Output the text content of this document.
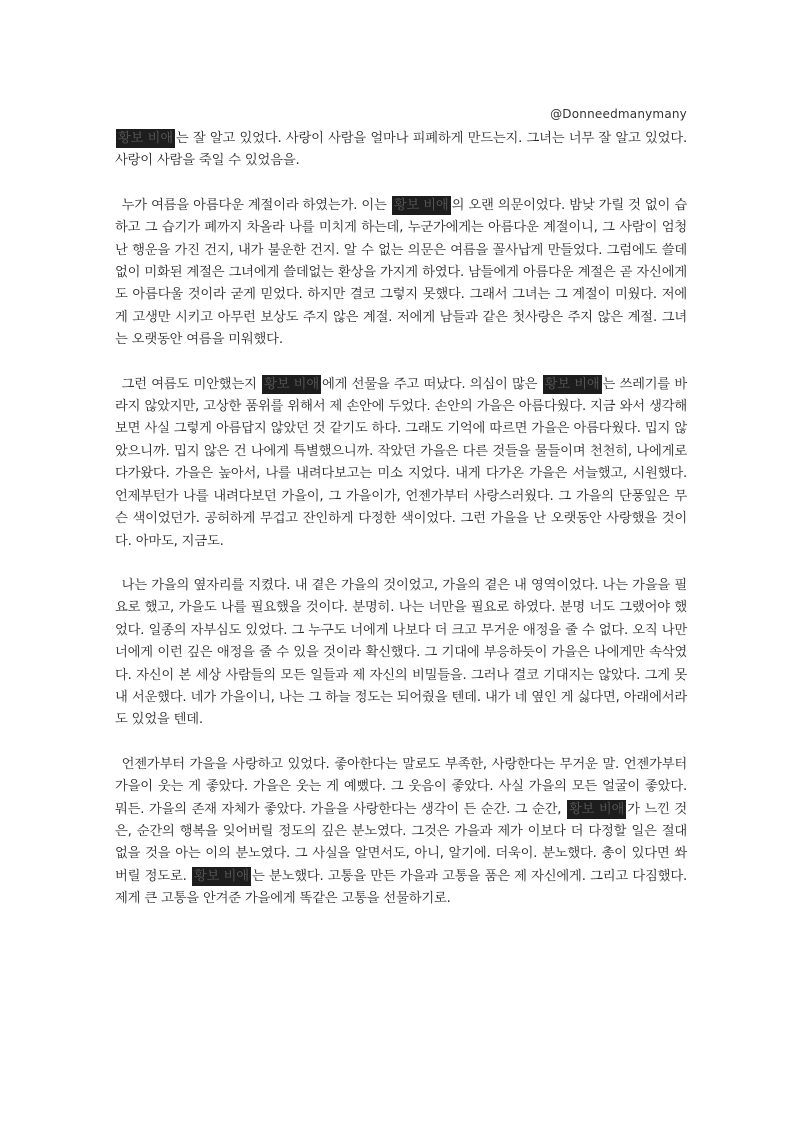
@Donneedmanymany

황보 비애 는 잘 알고 있었다. 사랑이 사람을 얼마나 피폐하게 만드는지. 그녀는 너무 잘 알고 있었다. 사랑이 사람을 죽일 수 있었음을.

누가 여름을 아름다운 계절이라 하였는가. 이는 황보 비애 의 오랜 의문이었다. 밤낮 가릴 것 없이 습하고 그 습기가 폐까지 차올라 나를 미치게 하는데, 누군가에게는 아름다운 계절이니, 그 사람이 엄청난 행운을 가진 건지, 내가 불운한 건지. 알 수 없는 의문은 여름을 꼴사납게 만들었다. 그럼에도 쓸데없이 미화된 계절은 그녀에게 쓸데없는 환상을 가지게 하였다. 남들에게 아름다운 계절은 곧 자신에게도 아름다울 것이라 굳게 믿었다. 하지만 결코 그렇지 못했다. 그래서 그녀는 그 계절이 미웠다. 저에게 고생만 시키고 아무런 보상도 주지 않은 계절. 저에게 남들과 같은 첫사랑은 주지 않은 계절. 그녀는 오랫동안 여름을 미워했다.

그런 여름도 미안했는지 황보 비애 에게 선물을 주고 떠났다. 의심이 많은 황보 비애 는 쓰레기를 바라지 않았지만, 고상한 품위를 위해서 제 손안에 두었다. 손안의 가을은 아름다웠다. 지금 와서 생각해 보면 사실 그렇게 아름답지 않았던 것 같기도 하다. 그래도 기억에 따르면 가을은 아름다웠다. 밉지 않았으니까. 밉지 않은 건 나에게 특별했으니까. 작았던 가을은 다른 것들을 물들이며 천천히, 나에게로 다가왔다. 가을은 높아서, 나를 내려다보고는 미소 지었다. 내게 다가온 가을은 서늘했고, 시원했다. 언제부턴가 나를 내려다보던 가을이, 그 가을이가, 언젠가부터 사랑스러웠다. 그 가을의 단풍잎은 무슨 색이었던가. 공허하게 무겁고 잔인하게 다정한 색이었다. 그런 가을을 난 오랫동안 사랑했을 것이다. 아마도, 지금도.

나는 가을의 옆자리를 지켰다. 내 곁은 가을의 것이었고, 가을의 곁은 내 영역이었다. 나는 가을을 필요로 했고, 가을도 나를 필요했을 것이다. 분명히. 나는 너만을 필요로 하였다. 분명 너도 그랬어야 했었다. 일종의 자부심도 있었다. 그 누구도 너에게 나보다 더 크고 무거운 애정을 줄 수 없다. 오직 나만 너에게 이런 깊은 애정을 줄 수 있을 것이라 확신했다. 그 기대에 부응하듯이 가을은 나에게만 속삭였다. 자신이 본 세상 사람들의 모든 일들과 제 자신의 비밀들을. 그러나 결코 기대지는 않았다. 그게 못내 서운했다. 네가 가을이니, 나는 그 하늘 정도는 되어줬을 텐데. 내가 네 옆인 게 싫다면, 아래에서라도 있었을 텐데.

언젠가부터 가을을 사랑하고 있었다. 좋아한다는 말로도 부족한, 사랑한다는 무거운 말. 언젠가부터 가을이 웃는 게 좋았다. 가을은 웃는 게 예뻤다. 그 웃음이 좋았다. 사실 가을의 모든 얼굴이 좋았다. 뭐든. 가을의 존재 자체가 좋았다. 가을을 사랑한다는 생각이 든 순간. 그 순간, 황보 비애 가 느낀 것은, 순간의 행복을 잊어버릴 정도의 깊은 분노였다. 그것은 가을과 제가 이보다 더 다정할 일은 절대 없을 것을 아는 이의 분노였다. 그 사실을 알면서도, 아니, 알기에. 더욱이. 분노했다. 총이 있다면 쏴버릴 정도로. 황보 비애 는 분노했다. 고통을 만든 가을과 고통을 품은 제 자신에게. 그리고 다짐했다. 제게 큰 고통을 안겨준 가을에게 똑같은 고통을 선물하기로.
